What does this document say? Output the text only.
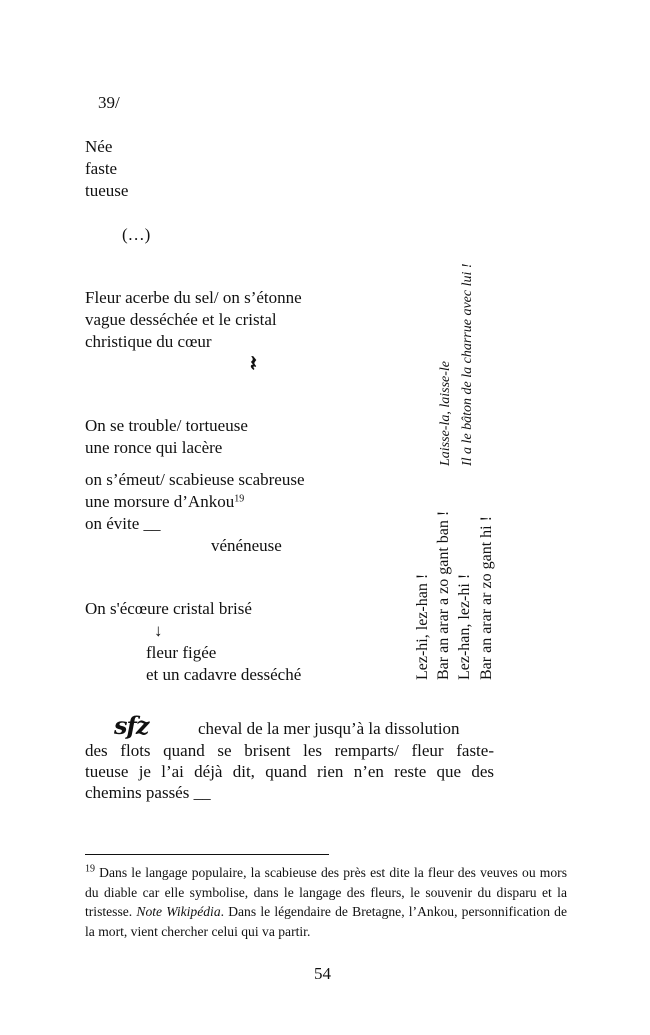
39/
Née
faste
tueuse
(…)
Fleur acerbe du sel/ on s’étonne
vague desséchée et le cristal
christique du cœur
𝄽
On se trouble/ tortueuse
une ronce qui lacère
on s’émeut/ scabieuse scabreuse
une morsure d’Ankou$^{19}$
on évite __
vénéneuse
On s'écœure cristal brisé
↓
fleur figée
et un cadavre desséché
Laisse-la, laisse-le Il a le bâton de la charrue avec lui !
Lez-hi, lez-han ! Bar an arar a zo gant ban ! Lez-han, lez-hi ! Bar an arar ar zo gant hi !
sfz	cheval de la mer jusqu’à la dissolution
des flots quand se brisent les remparts/ fleur faste-
tueuse je l’ai déjà dit, quand rien n’en reste que des
chemins passés __
$^{19}$ Dans le langage populaire, la scabieuse des près est dite la fleur des veuves ou mors du diable car elle symbolise, dans le langage des fleurs, le souvenir du disparu et la tristesse. Note Wikipédia. Dans le légendaire de Bretagne, l’Ankou, personnification de la mort, vient chercher celui qui va partir.
54
